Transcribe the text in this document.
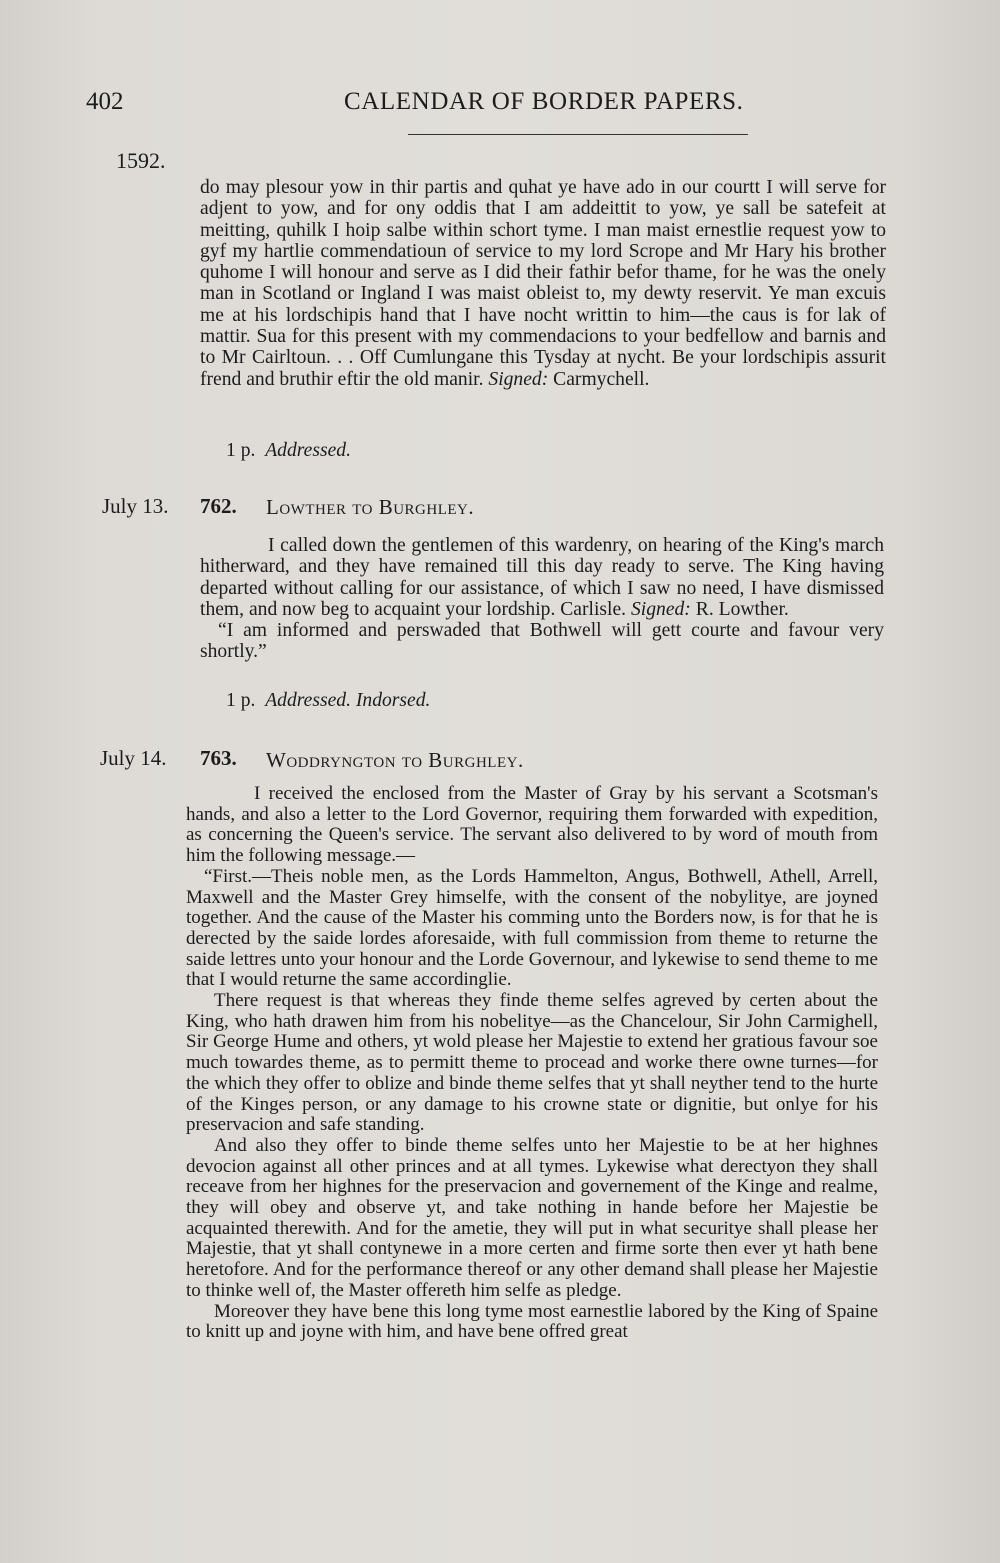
402	CALENDAR OF BORDER PAPERS.
1592.

do may plesour yow in thir partis and quhat ye have ado in our courtt I will serve for adjent to yow, and for ony oddis that I am addeittit to yow, ye sall be satefeit at meitting, quhilk I hoip salbe within schort tyme. I man maist ernestlie request yow to gyf my hartlie commendatioun of service to my lord Scrope and Mr Hary his brother quhome I will honour and serve as I did their fathir befor thame, for he was the onely man in Scotland or Ingland I was maist obleist to, my dewty reservit. Ye man excuis me at his lordschipis hand that I have nocht writtin to him—the caus is for lak of mattir. Sua for this present with my commendacions to your bedfellow and barnis and to Mr Cairltoun. . . Off Cumlungane this Tysday at nycht. Be your lordschipis assurit frend and bruthir eftir the old manir. Signed: Carmychell.

1 p. Addressed.
July 13. 762. Lowther to Burghley.

I called down the gentlemen of this wardenry, on hearing of the King's march hitherward, and they have remained till this day ready to serve. The King having departed without calling for our assistance, of which I saw no need, I have dismissed them, and now beg to acquaint your lordship. Carlisle. Signed: R. Lowther.

“I am informed and perswaded that Bothwell will gett courte and favour very shortly.”

1 p. Addressed. Indorsed.
July 14. 763. Woddryngton to Burghley.

I received the enclosed from the Master of Gray by his servant a Scotsman's hands, and also a letter to the Lord Governor, requiring them forwarded with expedition, as concerning the Queen's service. The servant also delivered to by word of mouth from him the following message.—

“First.—Theis noble men, as the Lords Hammelton, Angus, Bothwell, Athell, Arrell, Maxwell and the Master Grey himselfe, with the consent of the nobylitye, are joyned together. And the cause of the Master his comming unto the Borders now, is for that he is derected by the saide lordes aforesaide, with full commission from theme to returne the saide lettres unto your honour and the Lorde Governour, and lykewise to send theme to me that I would returne the same accordinglie.

There request is that whereas they finde theme selfes agreved by certen about the King, who hath drawen him from his nobelitye—as the Chancelour, Sir John Carmighell, Sir George Hume and others, yt wold please her Majestie to extend her gratious favour soe much towardes theme, as to permitt theme to procead and worke there owne turnes—for the which they offer to oblize and binde theme selfes that yt shall neyther tend to the hurte of the Kinges person, or any damage to his crowne state or dignitie, but onlye for his preservacion and safe standing.

And also they offer to binde theme selfes unto her Majestie to be at her highnes devocion against all other princes and at all tymes. Lykewise what derectyon they shall receave from her highnes for the preservacion and governement of the Kinge and realme, they will obey and observe yt, and take nothing in hande before her Majestie be acquainted therewith. And for the ametie, they will put in what securitye shall please her Majestie, that yt shall contynewe in a more certen and firme sorte then ever yt hath bene heretofore. And for the performance thereof or any other demand shall please her Majestie to thinke well of, the Master offereth him selfe as pledge.

Moreover they have bene this long tyme most earnestlie labored by the King of Spaine to knitt up and joyne with him, and have bene offred great
